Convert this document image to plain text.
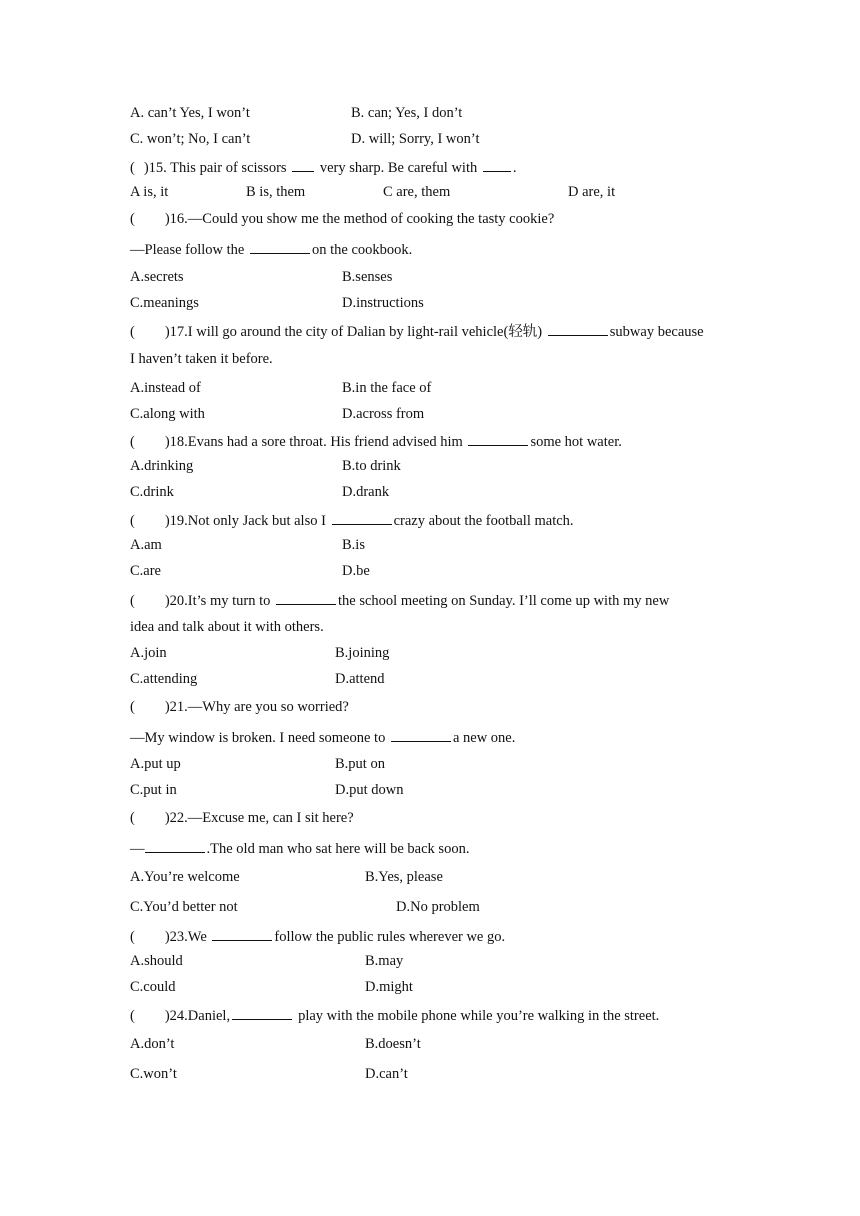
A. can’t Yes, I won’t	B. can; Yes, I don’t
C. won’t; No, I can’t	D. will; Sorry, I won’t
( )15. This pair of scissors very sharp. Be careful with .
A is, it	B is, them	C are, them	D are, it
( )16.—Could you show me the method of cooking the tasty cookie?
—Please follow the	on the cookbook.
A.secrets	B.senses
C.meanings	D.instructions
( )17.I will go around the city of Dalian by light-rail vehicle(轻轨)	subway because
I haven’t taken it before.
A.instead of	B.in the face of
C.along with	D.across from
( )18.Evans had a sore throat. His friend advised him	some hot water.
A.drinking	B.to drink
C.drink	D.drank
( )19.Not only Jack but also I	crazy about the football match.
A.am	B.is
C.are	D.be
( )20.It’s my turn to	the school meeting on Sunday. I’ll come up with my new
idea and talk about it with others.
A.join	B.joining
C.attending	D.attend
( )21.—Why are you so worried?
—My window is broken. I need someone to	a new one.
A.put up	B.put on
C.put in	D.put down
( )22.—Excuse me, can I sit here?
—	.The old man who sat here will be back soon.
A.You’re welcome	B.Yes, please
C.You’d better not	D.No problem
( )23.We	follow the public rules wherever we go.
A.should	B.may
C.could	D.might
( )24.Daniel,	play with the mobile phone while you’re walking in the street.
A.don’t	B.doesn’t
C.won’t	D.can’t
